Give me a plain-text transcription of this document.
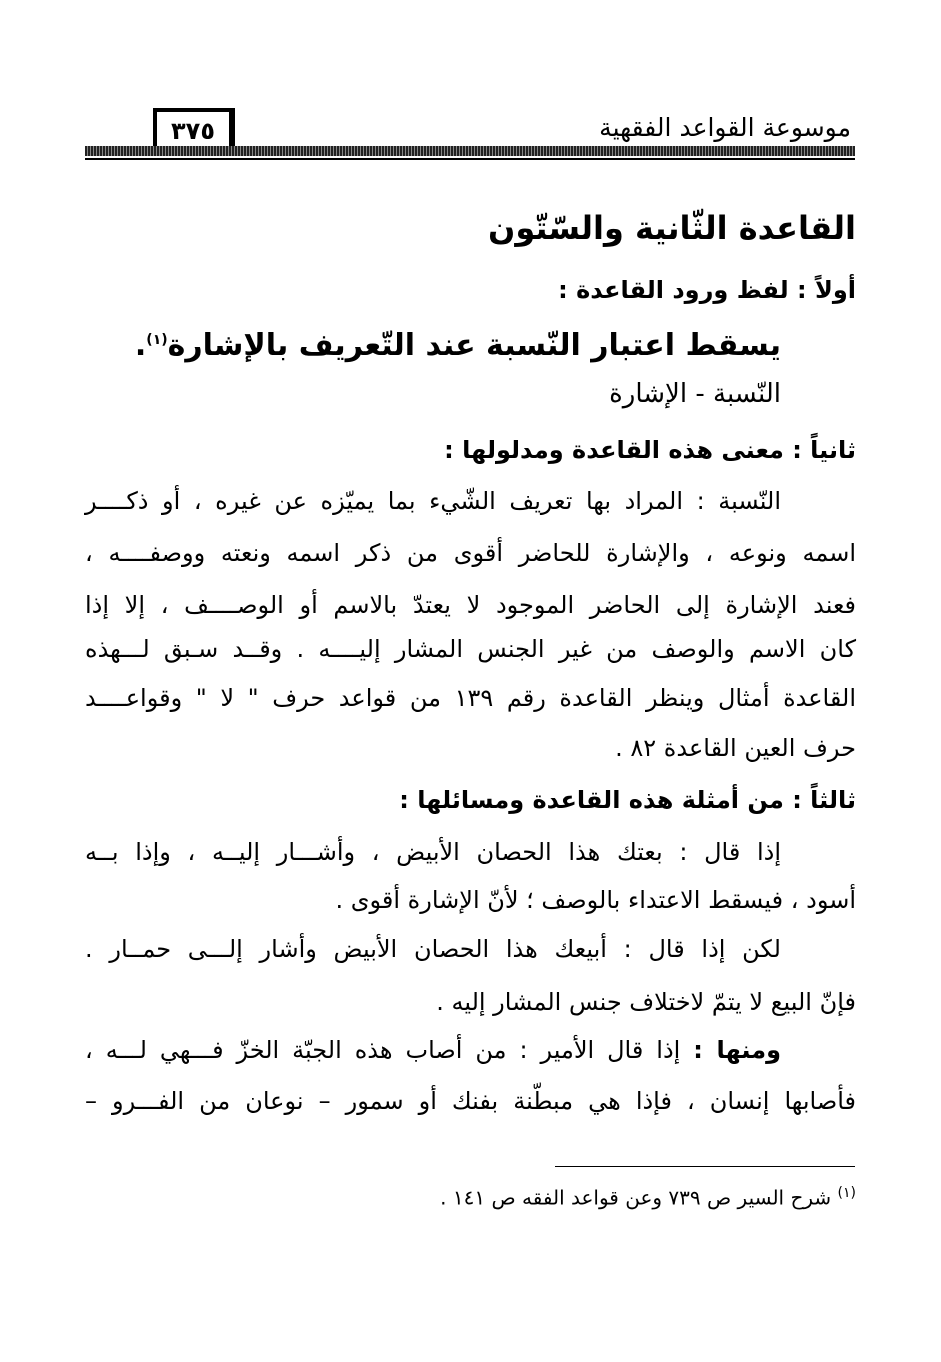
موسوعة القواعد الفقهية
٣٧٥
القاعدة الثّانية والسّتّون
أولاً : لفظ ورود القاعدة :
يسقط اعتبار النّسبة عند التّعريف بالإشارة$^{(١)}$.
النّسبة - الإشارة
ثانياً : معنى هذه القاعدة ومدلولها :
النّسبة : المراد بها تعريف الشّيء بما يميّزه عن غيره ، أو ذكــــر
اسمه ونوعه ، والإشارة للحاضر أقوى من ذكر اسمه ونعته ووصفــــه ،
فعند الإشارة إلى الحاضر الموجود لا يعتدّ بالاسم أو الوصــــف ، إلا إذا
كان الاسم والوصف من غير الجنس المشار إليــــه . وقــد سـبق لـــهذه
القاعدة أمثال وينظر القاعدة رقم ١٣٩ من قواعد حرف " لا " وقواعــــد
حرف العين القاعدة ٨٢ .
ثالثاً : من أمثلة هذه القاعدة ومسائلها :
إذا قال : بعتك هذا الحصان الأبيض ، وأشـــار إليــه ، وإذا بــه
أسود ، فيسقط الاعتداء بالوصف ؛ لأنّ الإشارة أقوى .
لكن إذا قال : أبيعك هذا الحصان الأبيض وأشار إلـــى حمــار .
فإنّ البيع لا يتمّ لاختلاف جنس المشار إليه .
ومنها : إذا قال الأمير : من أصاب هذه الجبّة الخزّ فـــهي لـــه ،
فأصابها إنسان ، فإذا هي مبطّنة بفنك أو سمور – نوعان من الفـــرو –
$^{(١)}$ شرح السير ص ٧٣٩ وعن قواعد الفقه ص ١٤١ .
